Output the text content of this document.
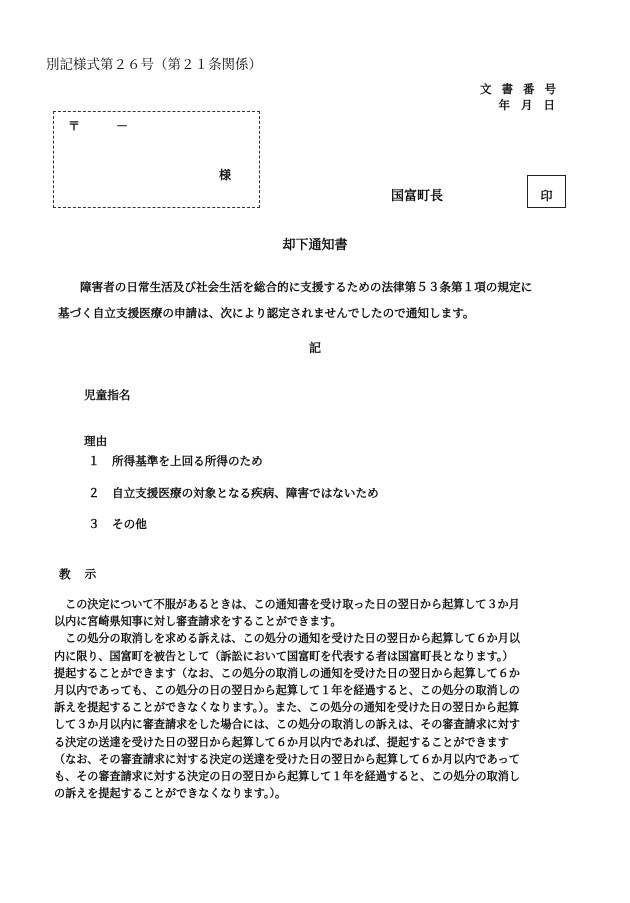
別記様式第２６号（第２１条関係）
文書番号
年月日
〒	－
様
国富町長	印
却下通知書

障害者の日常生活及び社会生活を総合的に支援するための法律第５３条第１項の規定に

基づく自立支援医療の申請は、次により認定されませんでしたので通知します。

記
児童指名
理由
１ 所得基準を上回る所得のため
２ 自立支援医療の対象となる疾病、障害ではないため
３ その他
教示
　この決定について不服があるときは、この通知書を受け取った日の翌日から起算して３か月
以内に宮崎県知事に対し審査請求をすることができます。
　この処分の取消しを求める訴えは、この処分の通知を受けた日の翌日から起算して６か月以
内に限り、国富町を被告として（訴訟において国富町を代表する者は国富町長となります。）
提起することができます（なお、この処分の取消しの通知を受けた日の翌日から起算して６か
月以内であっても、この処分の日の翌日から起算して１年を経過すると、この処分の取消しの
訴えを提起することができなくなります。）。また、この処分の通知を受けた日の翌日から起算
して３か月以内に審査請求をした場合には、この処分の取消しの訴えは、その審査請求に対す
る決定の送達を受けた日の翌日から起算して６か月以内であれば、提起することができます
（なお、その審査請求に対する決定の送達を受けた日の翌日から起算して６か月以内であって
も、その審査請求に対する決定の日の翌日から起算して１年を経過すると、この処分の取消し
の訴えを提起することができなくなります。）。
